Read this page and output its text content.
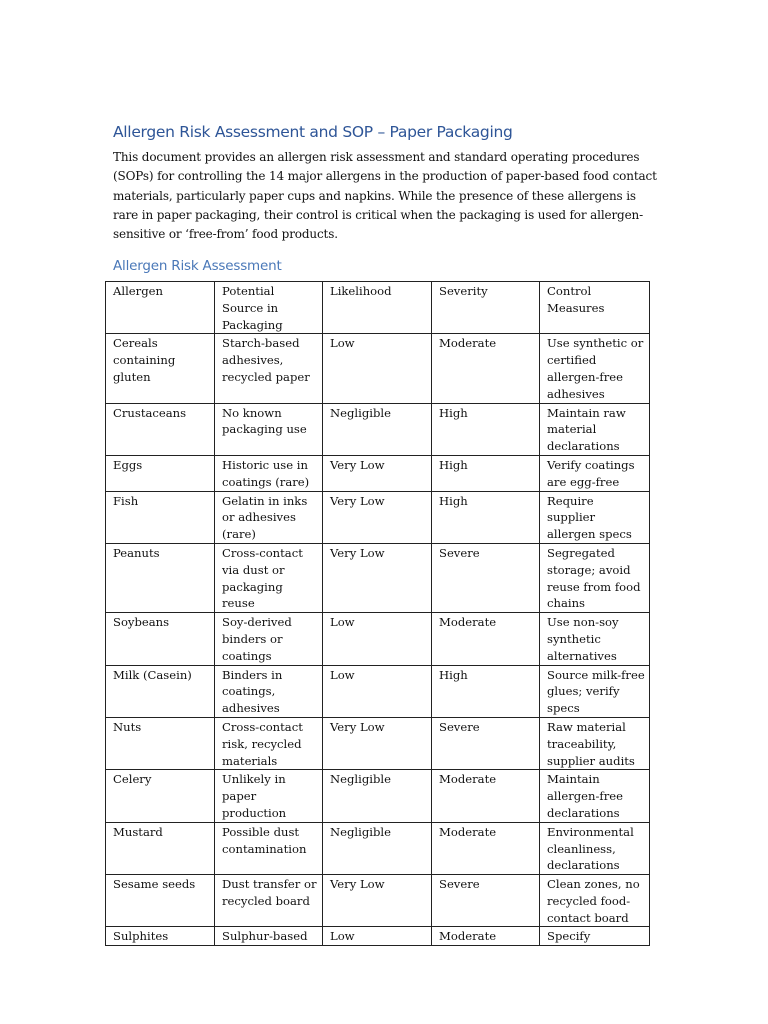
Allergen Risk Assessment and SOP – Paper Packaging

This document provides an allergen risk assessment and standard operating procedures (SOPs) for controlling the 14 major allergens in the production of paper-based food contact materials, particularly paper cups and napkins. While the presence of these allergens is rare in paper packaging, their control is critical when the packaging is used for allergen-sensitive or ‘free-from’ food products.

Allergen Risk Assessment
Allergen	Potential Source in Packaging	Likelihood	Severity	Control Measures
Cereals containing gluten	Starch-based adhesives, recycled paper	Low	Moderate	Use synthetic or certified allergen-free adhesives
Crustaceans	No known packaging use	Negligible	High	Maintain raw material declarations
Eggs	Historic use in coatings (rare)	Very Low	High	Verify coatings are egg-free
Fish	Gelatin in inks or adhesives (rare)	Very Low	High	Require supplier allergen specs
Peanuts	Cross-contact via dust or packaging reuse	Very Low	Severe	Segregated storage; avoid reuse from food chains
Soybeans	Soy-derived binders or coatings	Low	Moderate	Use non-soy synthetic alternatives
Milk (Casein)	Binders in coatings, adhesives	Low	High	Source milk-free glues; verify specs
Nuts	Cross-contact risk, recycled materials	Very Low	Severe	Raw material traceability, supplier audits
Celery	Unlikely in paper production	Negligible	Moderate	Maintain allergen-free declarations
Mustard	Possible dust contamination	Negligible	Moderate	Environmental cleanliness, declarations
Sesame seeds	Dust transfer or recycled board	Very Low	Severe	Clean zones, no recycled food-contact board
Sulphites	Sulphur-based	Low	Moderate	Specify
